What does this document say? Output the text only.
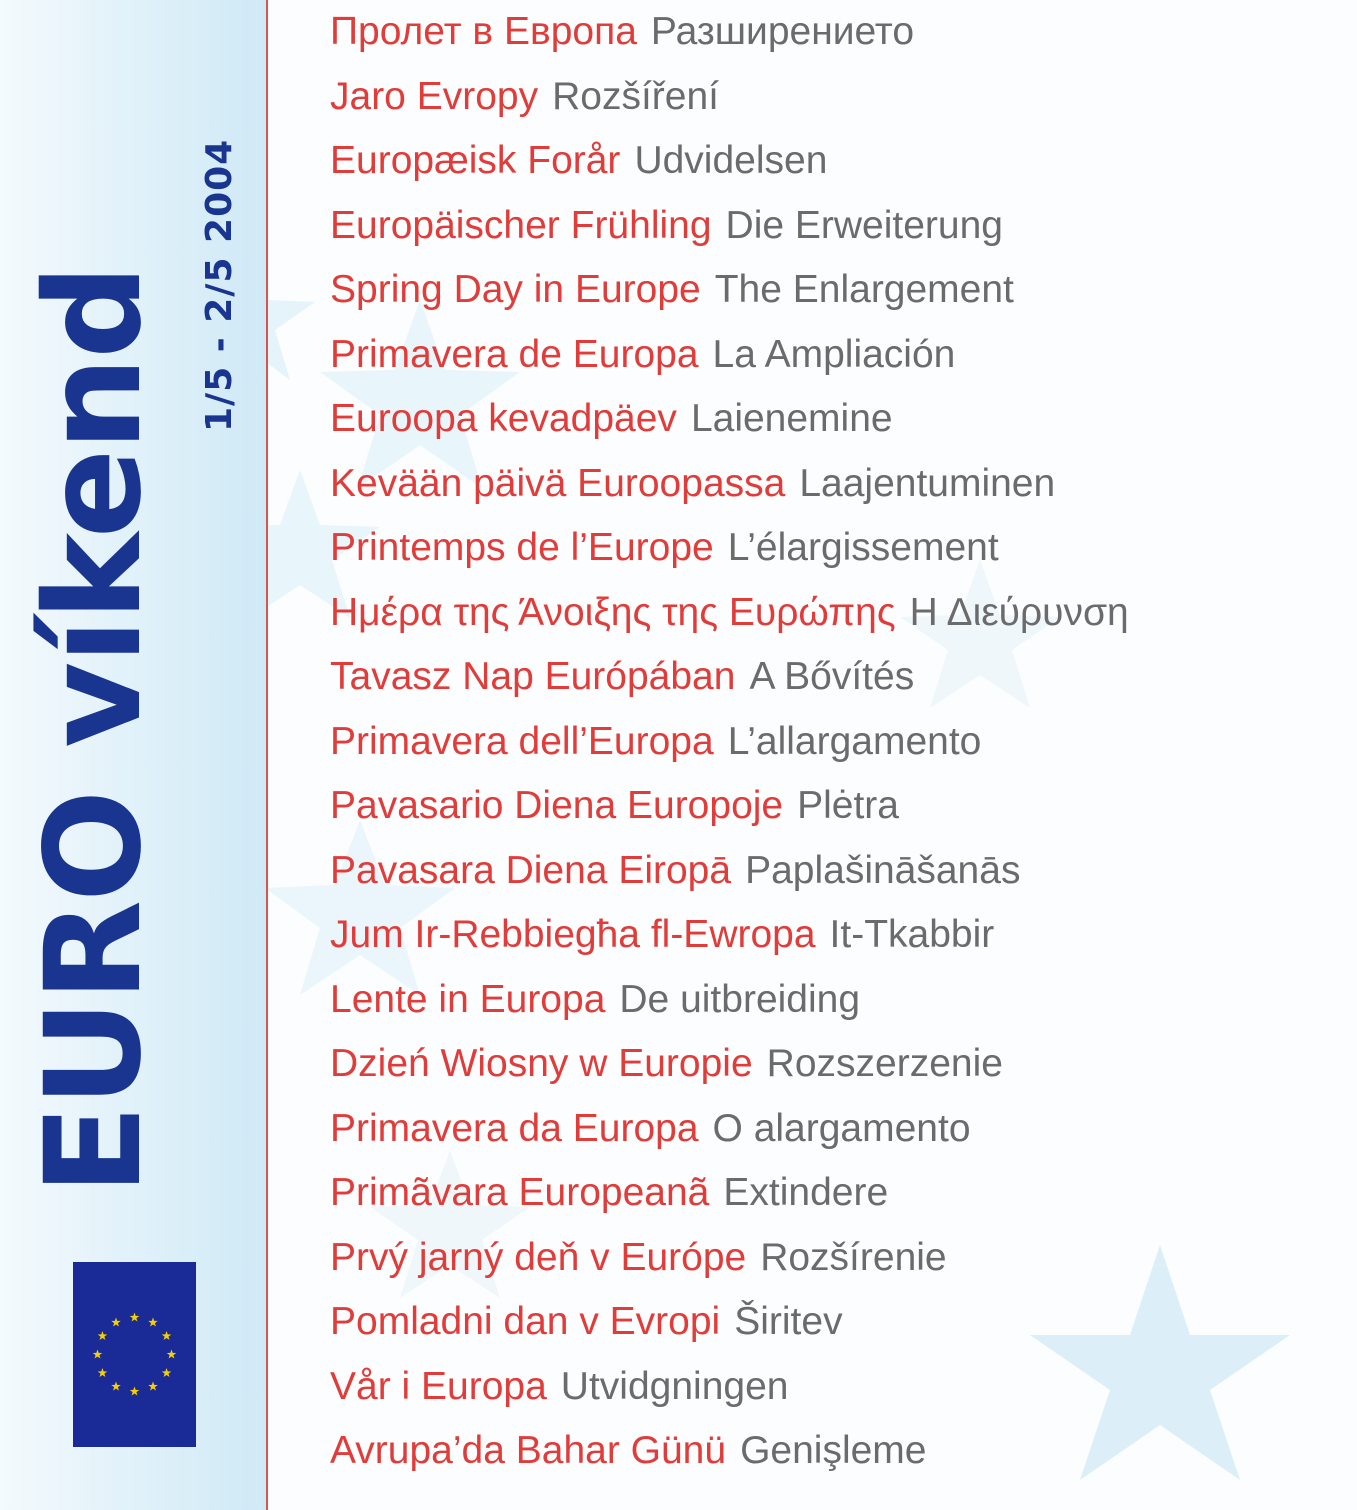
EURO víkend 1/5 - 2/5 2004
Пролет в Европа Разширението
Jaro Evropy Rozšíření
Europæisk Forår Udvidelsen
Europäischer Frühling Die Erweiterung
Spring Day in Europe The Enlargement
Primavera de Europa La Ampliación
Euroopa kevadpäev Laienemine
Kevään päivä Euroopassa Laajentuminen
Printemps de l’Europe L’élargissement
Ημέρα της Άνοιξης της Ευρώπης Η Διεύρυνση
Tavasz Nap Európában A Bővítés
Primavera dell’Europa L’allargamento
Pavasario Diena Europoje Plėtra
Pavasara Diena Eiropā Paplašināšanās
Jum Ir-Rebbiegħa fl-Ewropa It-Tkabbir
Lente in Europa De uitbreiding
Dzień Wiosny w Europie Rozszerzenie
Primavera da Europa O alargamento
Primãvara Europeanã Extindere
Prvý jarný deň v Európe Rozšírenie
Pomladni dan v Evropi Širitev
Vår i Europa Utvidgningen
Avrupa’da Bahar Günü Genişleme
